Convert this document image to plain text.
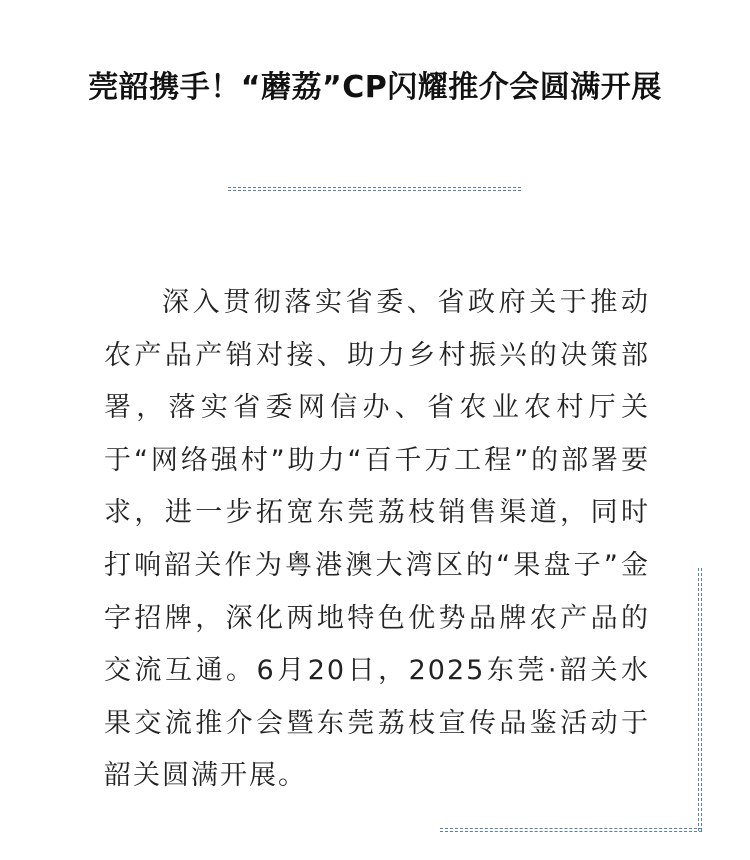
莞韶携手！“蘑荔”CP闪耀推介会圆满开展

深入贯彻落实省委、省政府关于推动农产品产销对接、助力乡村振兴的决策部署，落实省委网信办、省农业农村厅关于“网络强村”助力“百千万工程”的部署要求，进一步拓宽东莞荔枝销售渠道，同时打响韶关作为粤港澳大湾区的“果盘子”金字招牌，深化两地特色优势品牌农产品的交流互通。6月20日，2025东莞·韶关水果交流推介会暨东莞荔枝宣传品鉴活动于韶关圆满开展。
